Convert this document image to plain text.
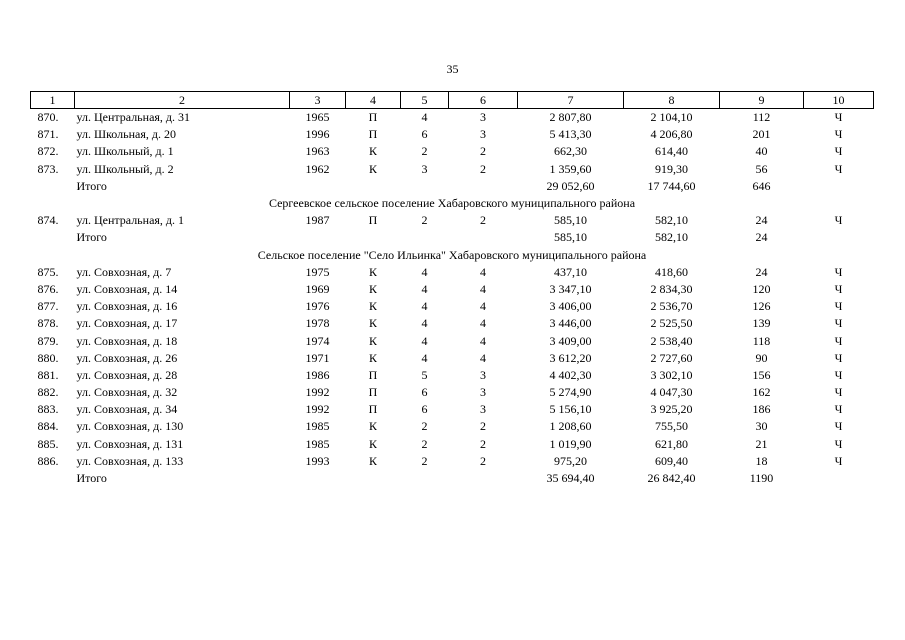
35
1	2	3	4	5	6	7	8	9	10
870.	ул. Центральная, д. 31	1965	П	4	3	2 807,80	2 104,10	112	Ч
871.	ул. Школьная, д. 20	1996	П	6	3	5 413,30	4 206,80	201	Ч
872.	ул. Школьный, д. 1	1963	К	2	2	662,30	614,40	40	Ч
873.	ул. Школьный, д. 2	1962	К	3	2	1 359,60	919,30	56	Ч
	Итого					29 052,60	17 744,60	646	
Сергеевское сельское поселение Хабаровского муниципального района									
874.	ул. Центральная, д. 1	1987	П	2	2	585,10	582,10	24	Ч
	Итого					585,10	582,10	24	
Сельское поселение "Село Ильинка" Хабаровского муниципального района									
875.	ул. Совхозная, д. 7	1975	К	4	4	437,10	418,60	24	Ч
876.	ул. Совхозная, д. 14	1969	К	4	4	3 347,10	2 834,30	120	Ч
877.	ул. Совхозная, д. 16	1976	К	4	4	3 406,00	2 536,70	126	Ч
878.	ул. Совхозная, д. 17	1978	К	4	4	3 446,00	2 525,50	139	Ч
879.	ул. Совхозная, д. 18	1974	К	4	4	3 409,00	2 538,40	118	Ч
880.	ул. Совхозная, д. 26	1971	К	4	4	3 612,20	2 727,60	90	Ч
881.	ул. Совхозная, д. 28	1986	П	5	3	4 402,30	3 302,10	156	Ч
882.	ул. Совхозная, д. 32	1992	П	6	3	5 274,90	4 047,30	162	Ч
883.	ул. Совхозная, д. 34	1992	П	6	3	5 156,10	3 925,20	186	Ч
884.	ул. Совхозная, д. 130	1985	К	2	2	1 208,60	755,50	30	Ч
885.	ул. Совхозная, д. 131	1985	К	2	2	1 019,90	621,80	21	Ч
886.	ул. Совхозная, д. 133	1993	К	2	2	975,20	609,40	18	Ч
	Итого					35 694,40	26 842,40	1190	
